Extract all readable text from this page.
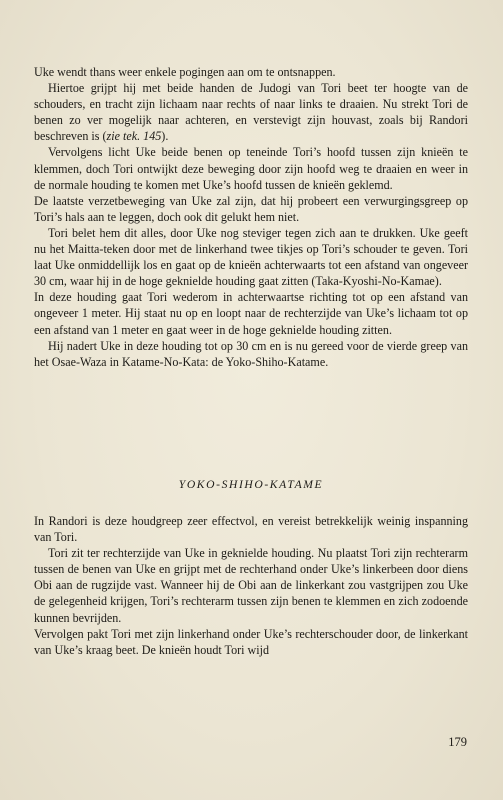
Uke wendt thans weer enkele pogingen aan om te ontsnappen.

Hiertoe grijpt hij met beide handen de Judogi van Tori beet ter hoogte van de schouders, en tracht zijn lichaam naar rechts of naar links te draaien. Nu strekt Tori de benen zo ver mogelijk naar achteren, en verstevigt zijn houvast, zoals bij Randori beschreven is (zie tek. 145).

Vervolgens licht Uke beide benen op teneinde Tori’s hoofd tussen zijn knieën te klemmen, doch Tori ontwijkt deze beweging door zijn hoofd weg te draaien en weer in de normale houding te komen met Uke’s hoofd tussen de knieën geklemd.

De laatste verzetbeweging van Uke zal zijn, dat hij probeert een verwurgingsgreep op Tori’s hals aan te leggen, doch ook dit gelukt hem niet.

Tori belet hem dit alles, door Uke nog steviger tegen zich aan te drukken. Uke geeft nu het Maitta-teken door met de linkerhand twee tikjes op Tori’s schouder te geven. Tori laat Uke onmiddellijk los en gaat op de knieën achterwaarts tot een afstand van ongeveer 30 cm, waar hij in de hoge geknielde houding gaat zitten (Taka-Kyoshi-No-Kamae).

In deze houding gaat Tori wederom in achterwaartse richting tot op een afstand van ongeveer 1 meter. Hij staat nu op en loopt naar de rechterzijde van Uke’s lichaam tot op een afstand van 1 meter en gaat weer in de hoge geknielde houding zitten.

Hij nadert Uke in deze houding tot op 30 cm en is nu gereed voor de vierde greep van het Osae-Waza in Katame-No-Kata: de Yoko-Shiho-Katame.

YOKO-SHIHO-KATAME

In Randori is deze houdgreep zeer effectvol, en vereist betrekkelijk weinig inspanning van Tori.

Tori zit ter rechterzijde van Uke in geknielde houding. Nu plaatst Tori zijn rechterarm tussen de benen van Uke en grijpt met de rechterhand onder Uke’s linkerbeen door diens Obi aan de rugzijde vast. Wanneer hij de Obi aan de linkerkant zou vastgrijpen zou Uke de gelegenheid krijgen, Tori’s rechterarm tussen zijn benen te klemmen en zich zodoende kunnen bevrijden.

Vervolgen pakt Tori met zijn linkerhand onder Uke’s rechterschouder door, de linkerkant van Uke’s kraag beet. De knieën houdt Tori wijd

179
